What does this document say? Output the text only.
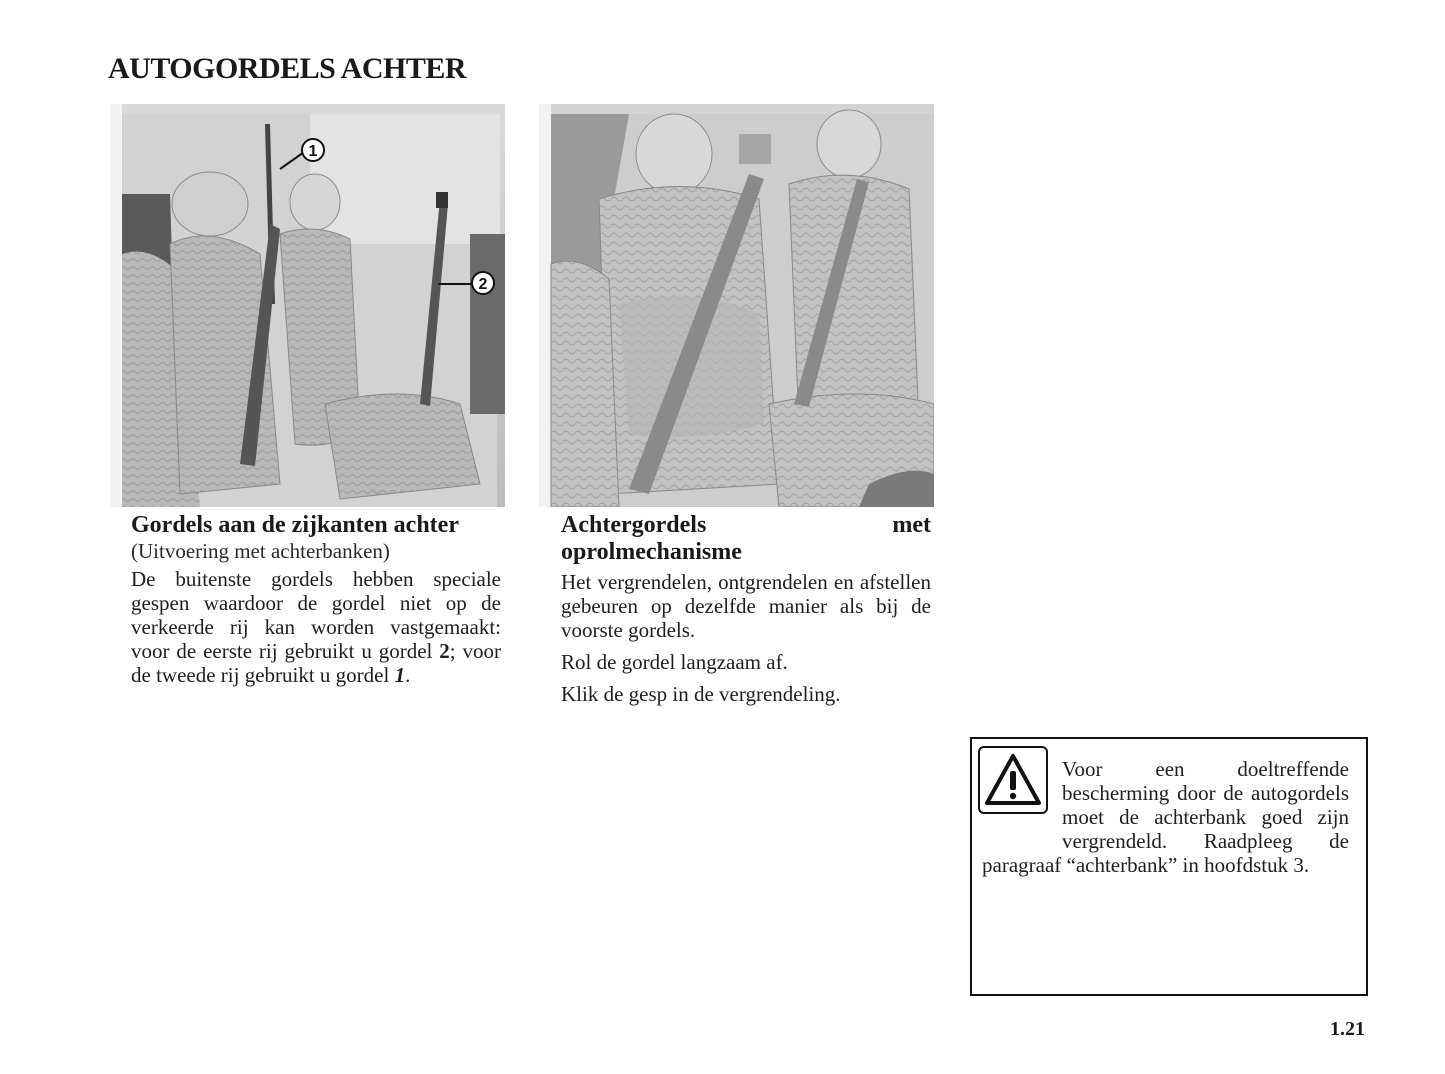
AUTOGORDELS ACHTER
1
2

Gordels aan de zijkanten achter

(Uitvoering met achterbanken)

De buitenste gordels hebben speciale gespen waardoor de gordel niet op de verkeerde rij kan worden vastgemaakt: voor de eerste rij gebruikt u gordel 2; voor de tweede rij gebruikt u gordel 1.

Achtergordels met oprolmechanisme

Het vergrendelen, ontgrendelen en afstellen gebeuren op dezelfde manier als bij de voorste gordels.

Rol de gordel langzaam af.

Klik de gesp in de vergrendeling.

Voor een doeltreffende bescherming door de autogordels moet de achterbank goed zijn vergrendeld. Raadpleeg de paragraaf “achterbank” in hoofdstuk 3.

1.21
